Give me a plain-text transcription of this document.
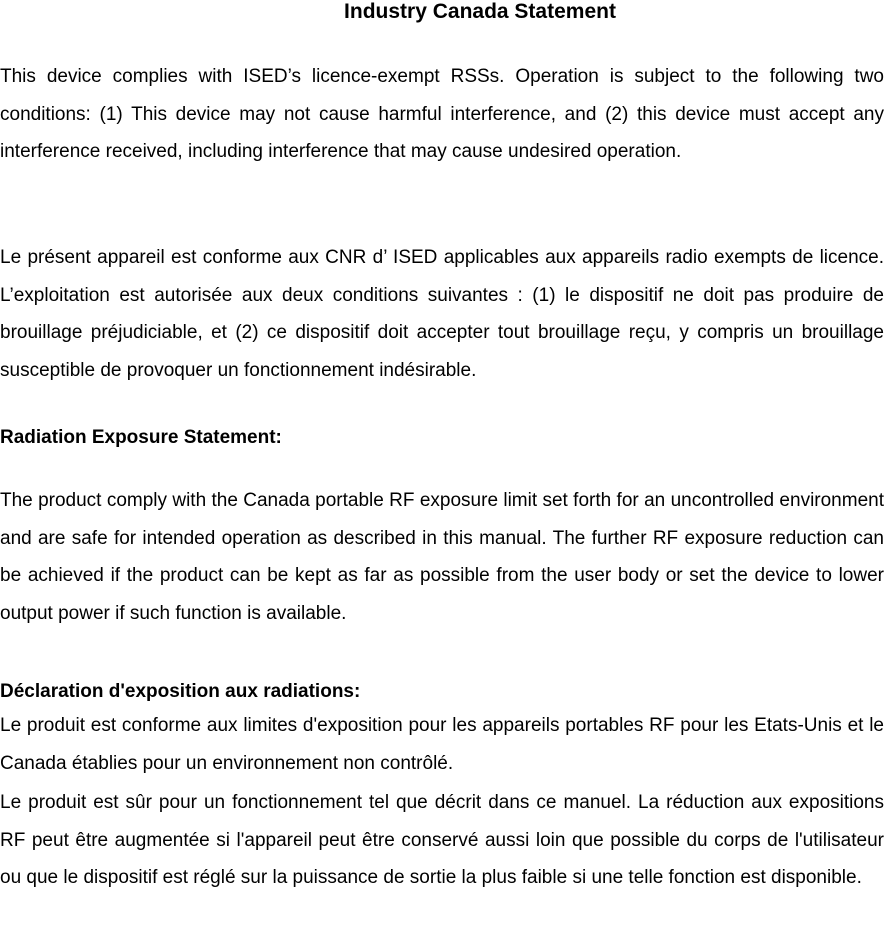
Industry Canada Statement

This device complies with ISED’s licence-exempt RSSs. Operation is subject to the following two conditions: (1) This device may not cause harmful interference, and (2) this device must accept any interference received, including interference that may cause undesired operation.

Le présent appareil est conforme aux CNR d’ ISED applicables aux appareils radio exempts de licence. L’exploitation est autorisée aux deux conditions suivantes : (1) le dispositif ne doit pas produire de brouillage préjudiciable, et (2) ce dispositif doit accepter tout brouillage reçu, y compris un brouillage susceptible de provoquer un fonctionnement indésirable.

Radiation Exposure Statement:

The product comply with the Canada portable RF exposure limit set forth for an uncontrolled environment and are safe for intended operation as described in this manual. The further RF exposure reduction can be achieved if the product can be kept as far as possible from the user body or set the device to lower output power if such function is available.

Déclaration d'exposition aux radiations:

Le produit est conforme aux limites d'exposition pour les appareils portables RF pour les Etats-Unis et le Canada établies pour un environnement non contrôlé.

Le produit est sûr pour un fonctionnement tel que décrit dans ce manuel. La réduction aux expositions RF peut être augmentée si l'appareil peut être conservé aussi loin que possible du corps de l'utilisateur ou que le dispositif est réglé sur la puissance de sortie la plus faible si une telle fonction est disponible.
